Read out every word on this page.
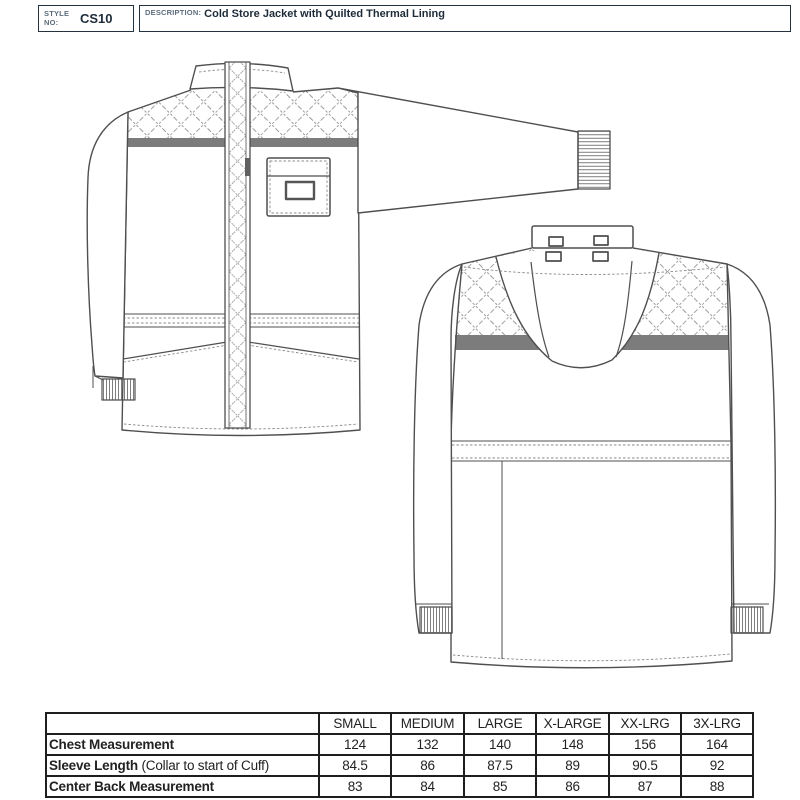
STYLE NO:	CS10	DESCRIPTION: Cold Store Jacket with Quilted Thermal Lining
	SMALL	MEDIUM	LARGE	X-LARGE	XX-LRG	3X-LRG
Chest Measurement	124	132	140	148	156	164
Sleeve Length (Collar to start of Cuff)	84.5	86	87.5	89	90.5	92
Center Back Measurement	83	84	85	86	87	88
